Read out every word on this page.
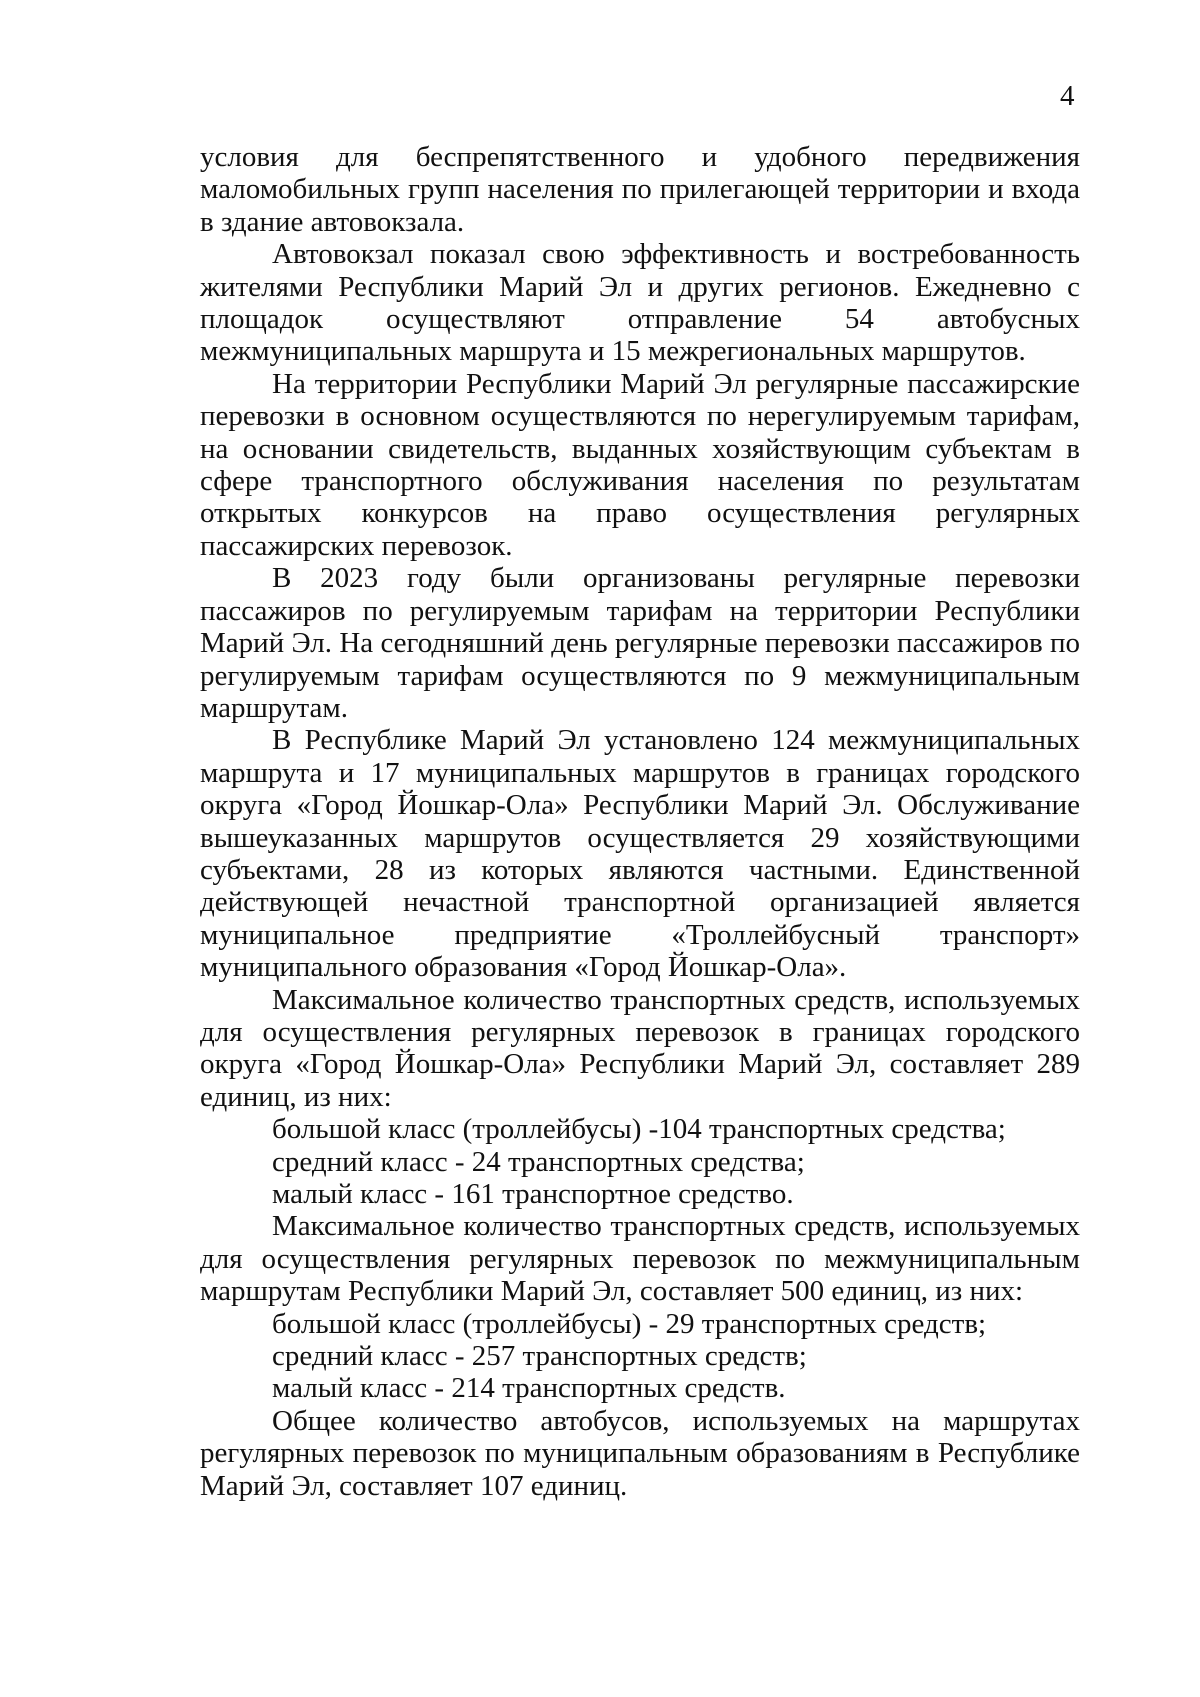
4

условия для беспрепятственного и удобного передвижения маломобильных групп населения по прилегающей территории и входа в здание автовокзала.

Автовокзал показал свою эффективность и востребованность жителями Республики Марий Эл и других регионов. Ежедневно с площадок осуществляют отправление 54 автобусных межмуниципальных маршрута и 15 межрегиональных маршрутов.

На территории Республики Марий Эл регулярные пассажирские перевозки в основном осуществляются по нерегулируемым тарифам, на основании свидетельств, выданных хозяйствующим субъектам в сфере транспортного обслуживания населения по результатам открытых конкурсов на право осуществления регулярных пассажирских перевозок.

В 2023 году были организованы регулярные перевозки пассажиров по регулируемым тарифам на территории Республики Марий Эл. На сегодняшний день регулярные перевозки пассажиров по регулируемым тарифам осуществляются по 9 межмуниципальным маршрутам.

В Республике Марий Эл установлено 124 межмуниципальных маршрута и 17 муниципальных маршрутов в границах городского округа «Город Йошкар-Ола» Республики Марий Эл. Обслуживание вышеуказанных маршрутов осуществляется 29 хозяйствующими субъектами, 28 из которых являются частными. Единственной действующей нечастной транспортной организацией является муниципальное предприятие «Троллейбусный транспорт» муниципального образования «Город Йошкар-Ола».

Максимальное количество транспортных средств, используемых для осуществления регулярных перевозок в границах городского округа «Город Йошкар-Ола» Республики Марий Эл, составляет 289 единиц, из них:

большой класс (троллейбусы) -104 транспортных средства;

средний класс - 24 транспортных средства;

малый класс - 161 транспортное средство.

Максимальное количество транспортных средств, используемых для осуществления регулярных перевозок по межмуниципальным маршрутам Республики Марий Эл, составляет 500 единиц, из них:

большой класс (троллейбусы) - 29 транспортных средств;

средний класс - 257 транспортных средств;

малый класс - 214 транспортных средств.

Общее количество автобусов, используемых на маршрутах регулярных перевозок по муниципальным образованиям в Республике Марий Эл, составляет 107 единиц.
